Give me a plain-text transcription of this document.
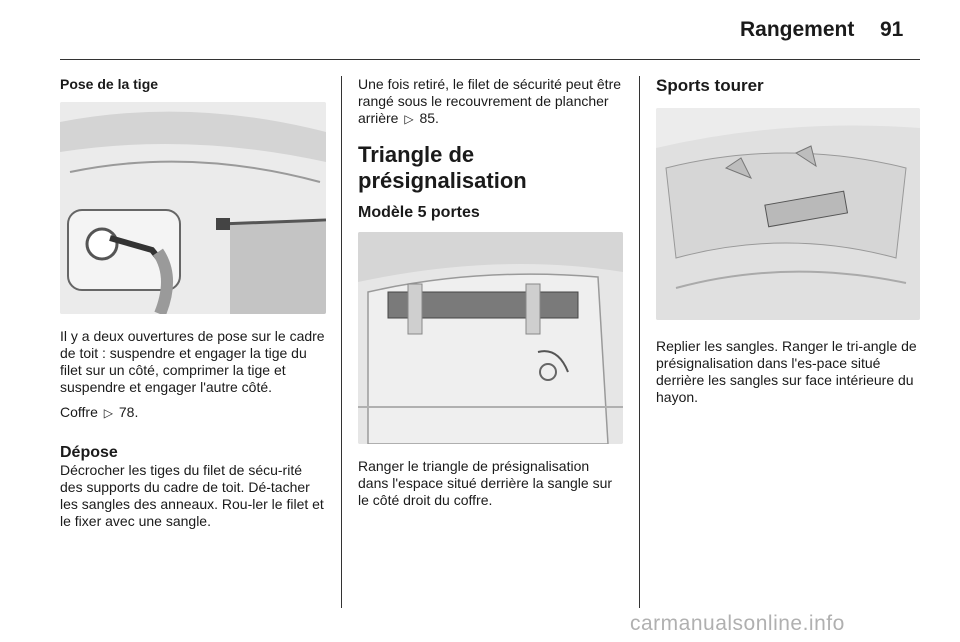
Rangement 91
Pose de la tige

Il y a deux ouvertures de pose sur le cadre de toit : suspendre et engager la tige du filet sur un côté, comprimer la tige et suspendre et engager l'autre côté.

Coffre ▷ 78.

Dépose

Décrocher les tiges du filet de sécu-rité des supports du cadre de toit. Dé-tacher les sangles des anneaux. Rou-ler le filet et le fixer avec une sangle.

Une fois retiré, le filet de sécurité peut être rangé sous le recouvrement de plancher arrière ▷ 85.

Triangle de
présignalisation
Modèle 5 portes

Ranger le triangle de présignalisation dans l'espace situé derrière la sangle sur le côté droit du coffre.

Sports tourer

Replier les sangles. Ranger le tri-angle de présignalisation dans l'es-pace situé derrière les sangles sur face intérieure du hayon.

carmanualsonline.info
